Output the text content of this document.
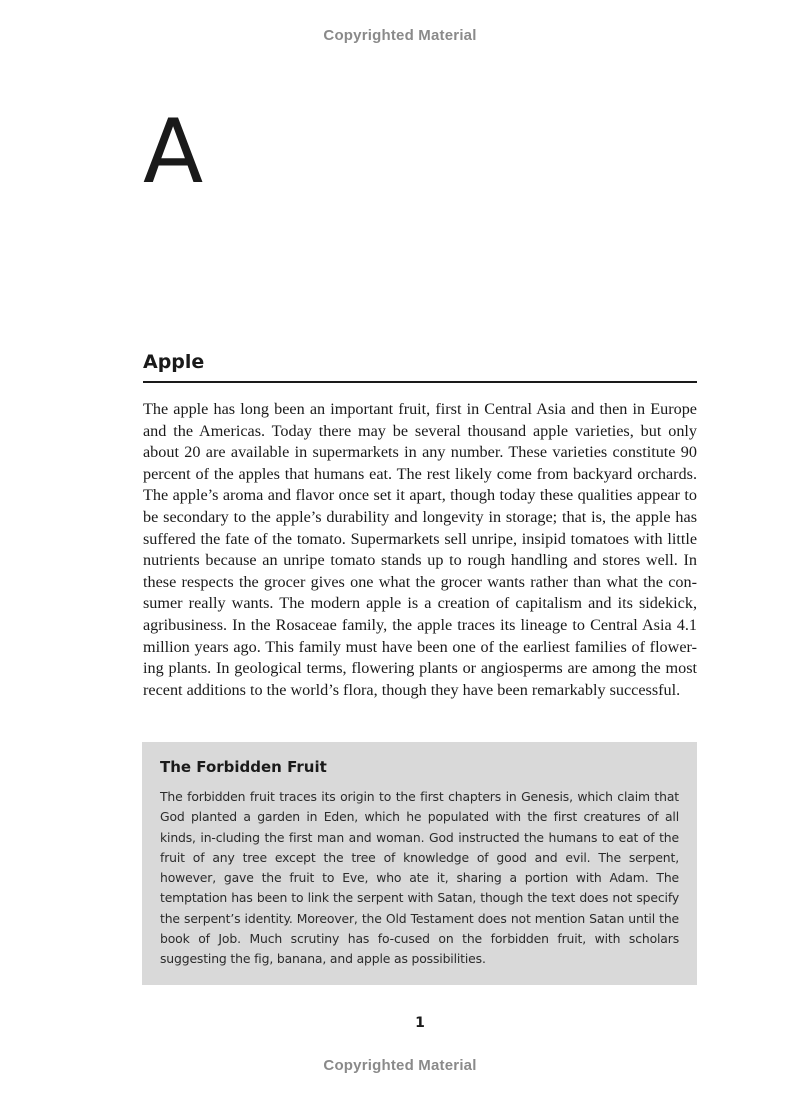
Copyrighted Material
A
Apple

The apple has long been an important fruit, first in Central Asia and then in Europe and the Americas. Today there may be several thousand apple varieties, but only about 20 are available in supermarkets in any number. These varieties constitute 90 percent of the apples that humans eat. The rest likely come from backyard orchards. The apple’s aroma and flavor once set it apart, though today these qualities appear to be secondary to the apple’s durability and longevity in storage; that is, the apple has suffered the fate of the tomato. Supermarkets sell unripe, insipid tomatoes with little nutrients because an unripe tomato stands up to rough handling and stores well. In these respects the grocer gives one what the grocer wants rather than what the con-sumer really wants. The modern apple is a creation of capitalism and its sidekick, agribusiness. In the Rosaceae family, the apple traces its lineage to Central Asia 4.1 million years ago. This family must have been one of the earliest families of flower-ing plants. In geological terms, flowering plants or angiosperms are among the most recent additions to the world’s flora, though they have been remarkably successful.

The Forbidden Fruit

The forbidden fruit traces its origin to the first chapters in Genesis, which claim that God planted a garden in Eden, which he populated with the first creatures of all kinds, in-cluding the first man and woman. God instructed the humans to eat of the fruit of any tree except the tree of knowledge of good and evil. The serpent, however, gave the fruit to Eve, who ate it, sharing a portion with Adam. The temptation has been to link the serpent with Satan, though the text does not specify the serpent’s identity. Moreover, the Old Testament does not mention Satan until the book of Job. Much scrutiny has fo-cused on the forbidden fruit, with scholars suggesting the fig, banana, and apple as possibilities.

1
Copyrighted Material
